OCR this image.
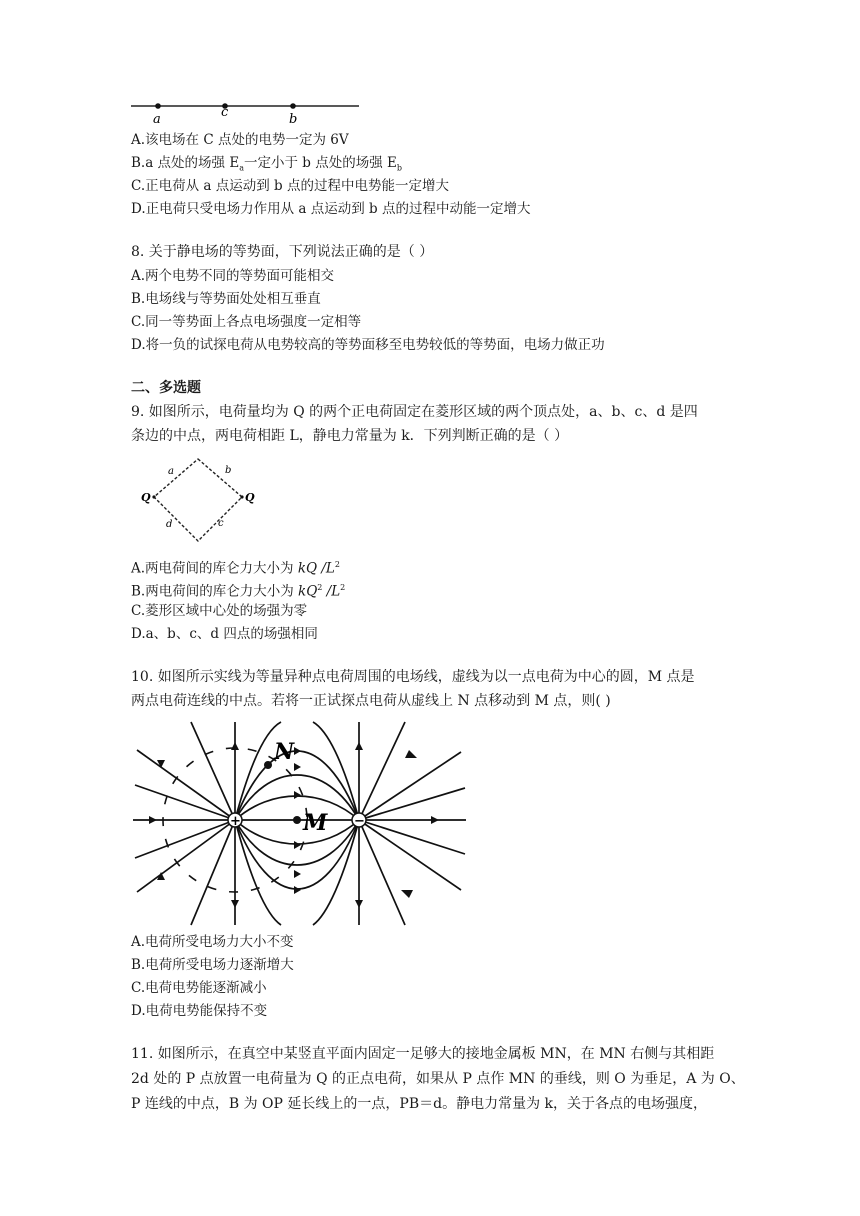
a	c	b
A.该电场在 C 点处的电势一定为 6V
B.a 点处的场强 $E_a$一定小于 b 点处的场强 $E_b$
C.正电荷从 a 点运动到 b 点的过程中电势能一定增大
D.正电荷只受电场力作用从 a 点运动到 b 点的过程中动能一定增大
8. 关于静电场的等势面，下列说法正确的是（ ）
A.两个电势不同的等势面可能相交
B.电场线与等势面处处相互垂直
C.同一等势面上各点电场强度一定相等
D.将一负的试探电荷从电势较高的等势面移至电势较低的等势面，电场力做正功
二、多选题
9. 如图所示，电荷量均为 Q 的两个正电荷固定在菱形区域的两个顶点处，a、b、c、d 是四
条边的中点，两电荷相距 L，静电力常量为 k．下列判断正确的是（ ）
Q	Q
a	b
c
d
A.两电荷间的库仑力大小为 kQ $/L^2$
B.两电荷间的库仑力大小为 $kQ^2$ $/L^2$
C.菱形区域中心处的场强为零
D.a、b、c、d 四点的场强相同
10. 如图所示实线为等量异种点电荷周围的电场线，虚线为以一点电荷为中心的圆，M 点是
两点电荷连线的中点。若将一正试探点电荷从虚线上 N 点移动到 M 点，则( )
+	−
N
M
A.电荷所受电场力大小不变
B.电荷所受电场力逐渐增大
C.电荷电势能逐渐减小
D.电荷电势能保持不变
11. 如图所示，在真空中某竖直平面内固定一足够大的接地金属板 MN，在 MN 右侧与其相距
2d 处的 P 点放置一电荷量为 Q 的正点电荷，如果从 P 点作 MN 的垂线，则 O 为垂足，A 为 O、
P 连线的中点，B 为 OP 延长线上的一点，PB＝d。静电力常量为 k，关于各点的电场强度，
